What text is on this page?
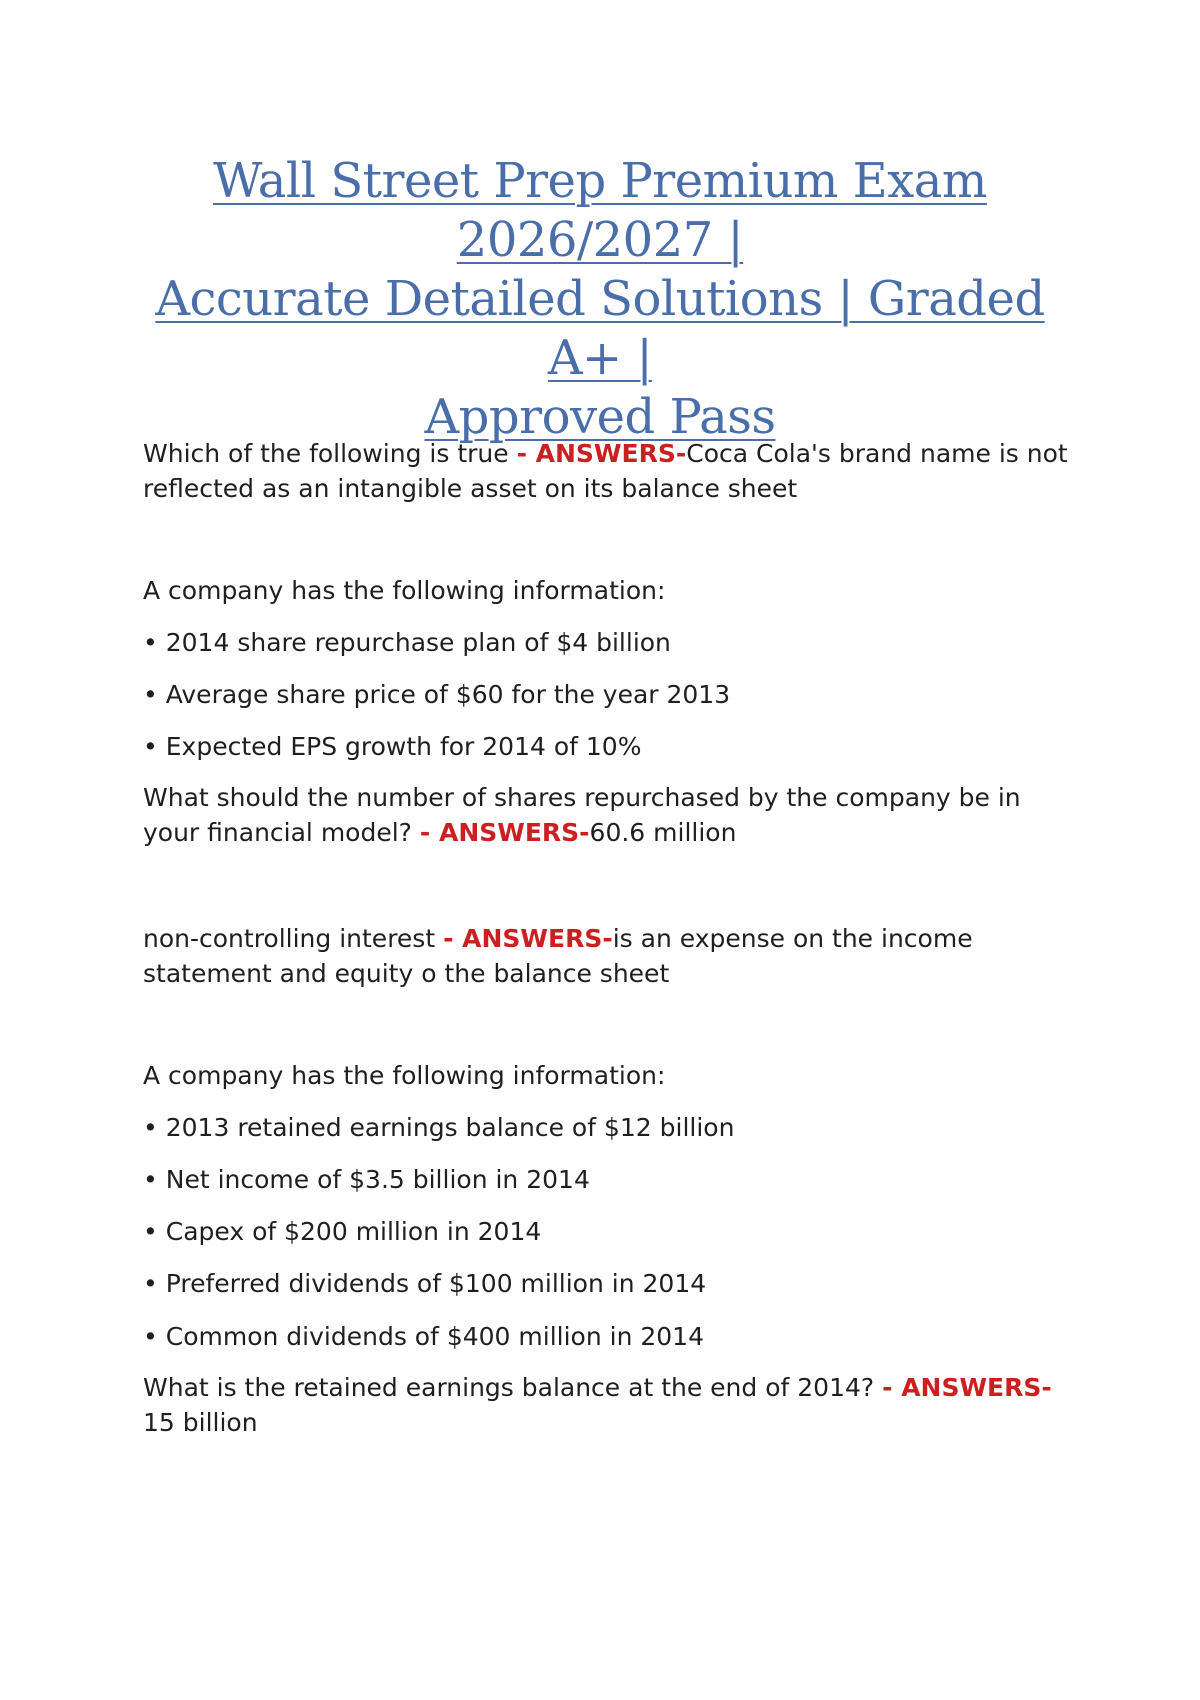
Wall Street Prep Premium Exam 2026/2027 |
Accurate Detailed Solutions | Graded A+ |
Approved Pass

Which of the following is true - ANSWERS-Coca Cola's brand name is not reflected as an intangible asset on its balance sheet

A company has the following information:

• 2014 share repurchase plan of $4 billion

• Average share price of $60 for the year 2013

• Expected EPS growth for 2014 of 10%

What should the number of shares repurchased by the company be in your financial model? - ANSWERS-60.6 million

non-controlling interest - ANSWERS-is an expense on the income statement and equity o the balance sheet

A company has the following information:

• 2013 retained earnings balance of $12 billion

• Net income of $3.5 billion in 2014

• Capex of $200 million in 2014

• Preferred dividends of $100 million in 2014

• Common dividends of $400 million in 2014

What is the retained earnings balance at the end of 2014? - ANSWERS-15 billion
